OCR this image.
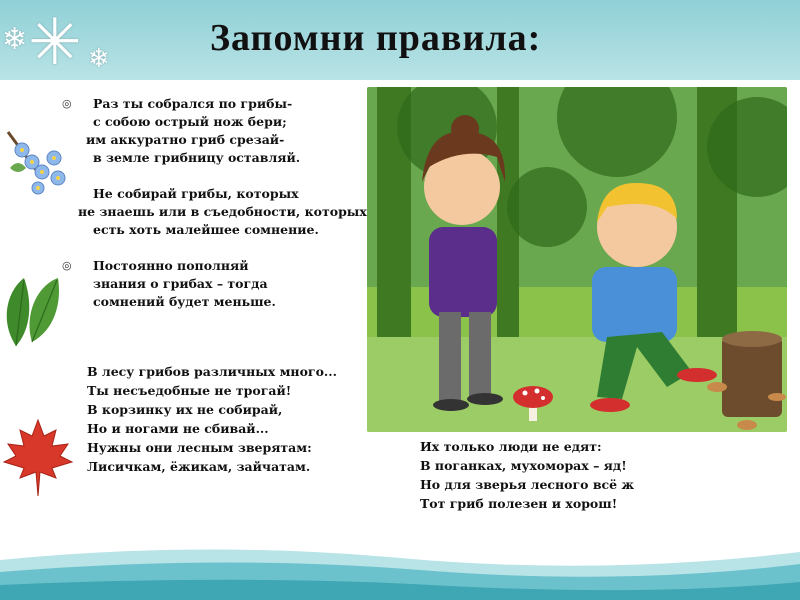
❄ ✳ ❄	Запомни правила:
◎ Раз ты собрался по грибы-
с собою острый нож бери;
им аккуратно гриб срезай-
в земле грибницу оставляй.
Не собирай грибы, которых
не знаешь или в съедобности, которых
есть хоть малейшее сомнение.
◎ Постоянно пополняй
знания о грибах – тогда
сомнений будет меньше.
В лесу грибов различных много...
Ты несъедобные не трогай!
В корзинку их не собирай,
Но и ногами не сбивай...
Нужны они лесным зверятам:
Лисичкам, ёжикам, зайчатам.
Их только люди не едят:
В поганках, мухоморах – яд!
Но для зверья лесного всё ж
Тот гриб полезен и хорош!
